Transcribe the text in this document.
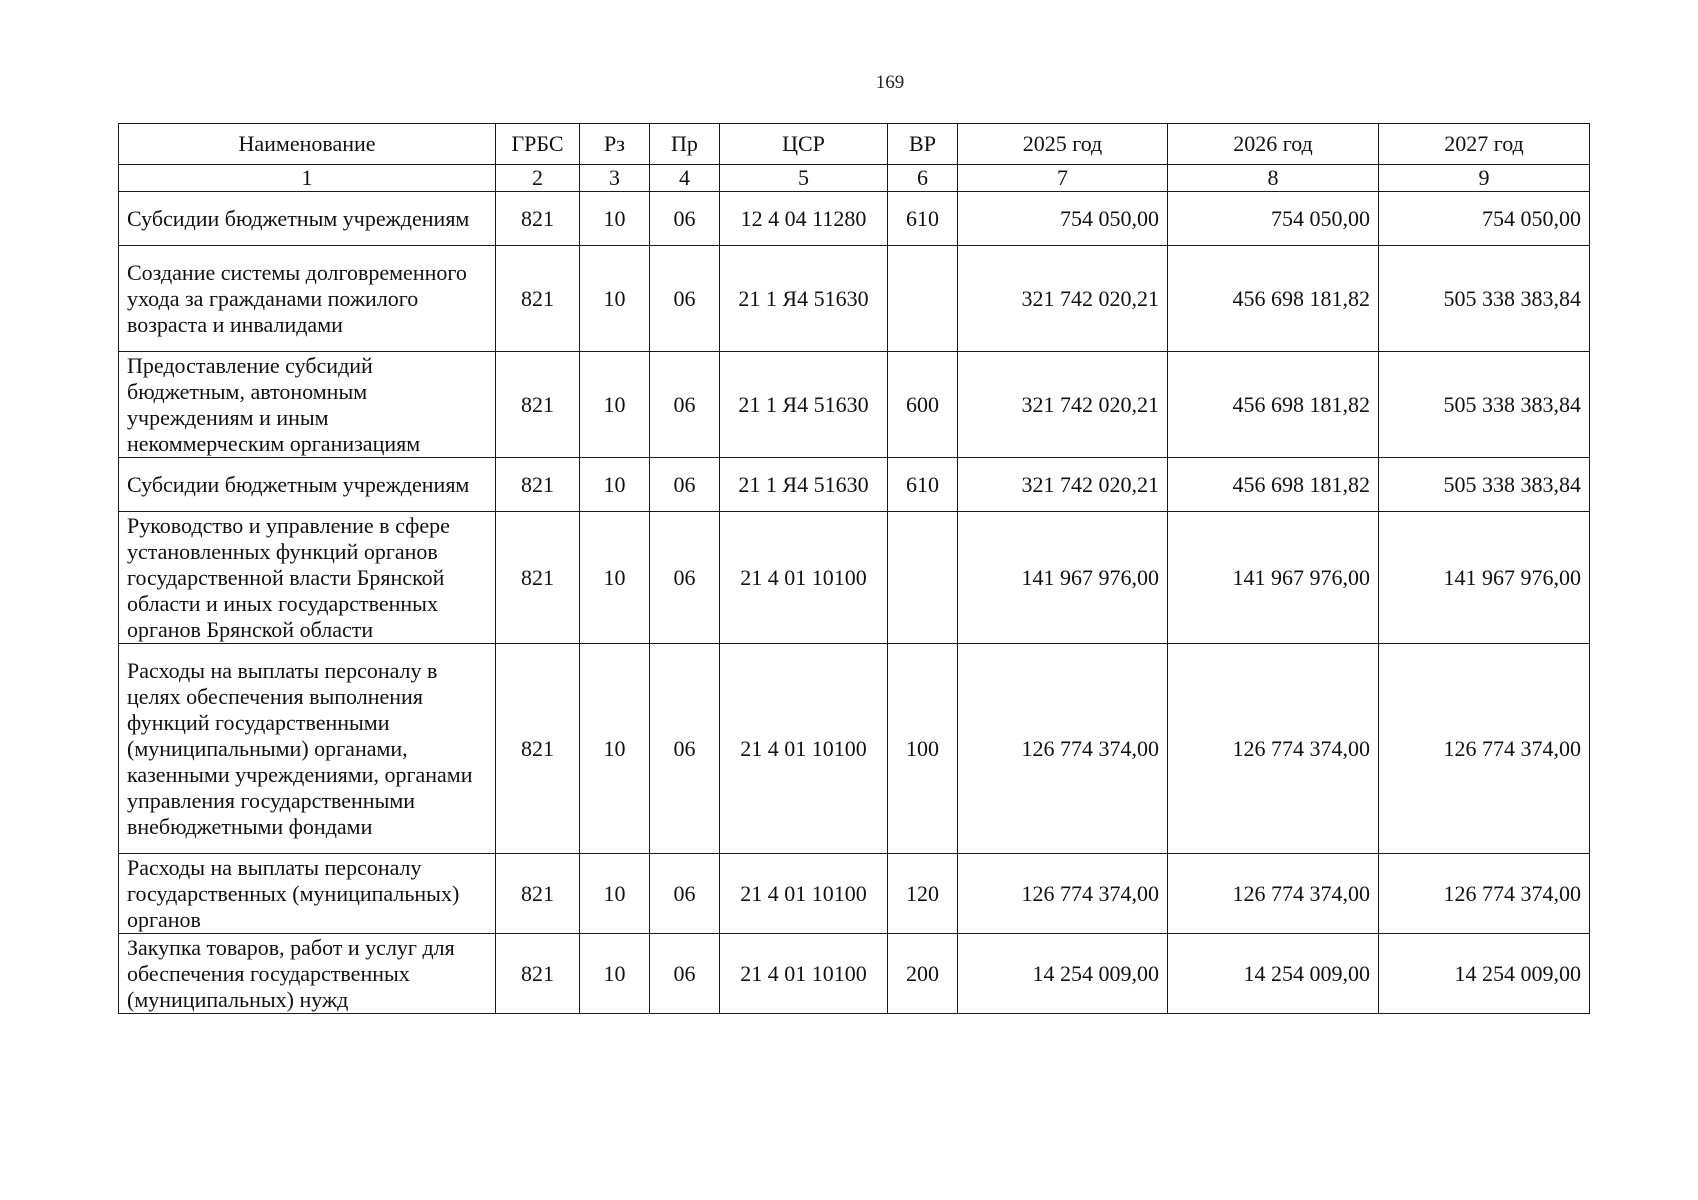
169
Наименование	ГРБС	Рз	Пр	ЦСР	ВР	2025 год	2026 год	2027 год
1	2	3	4	5	6	7	8	9
Субсидии бюджетным учреждениям	821	10	06	12 4 04 11280	610	754 050,00	754 050,00	754 050,00
Создание системы долговременного ухода за гражданами пожилого возраста и инвалидами	821	10	06	21 1 Я4 51630		321 742 020,21	456 698 181,82	505 338 383,84
Предоставление субсидий бюджетным, автономным учреждениям и иным некоммерческим организациям	821	10	06	21 1 Я4 51630	600	321 742 020,21	456 698 181,82	505 338 383,84
Субсидии бюджетным учреждениям	821	10	06	21 1 Я4 51630	610	321 742 020,21	456 698 181,82	505 338 383,84
Руководство и управление в сфере установленных функций органов государственной власти Брянской области и иных государственных органов Брянской области	821	10	06	21 4 01 10100		141 967 976,00	141 967 976,00	141 967 976,00
Расходы на выплаты персоналу в целях обеспечения выполнения функций государственными (муниципальными) органами, казенными учреждениями, органами управления государственными внебюджетными фондами	821	10	06	21 4 01 10100	100	126 774 374,00	126 774 374,00	126 774 374,00
Расходы на выплаты персоналу государственных (муниципальных) органов	821	10	06	21 4 01 10100	120	126 774 374,00	126 774 374,00	126 774 374,00
Закупка товаров, работ и услуг для обеспечения государственных (муниципальных) нужд	821	10	06	21 4 01 10100	200	14 254 009,00	14 254 009,00	14 254 009,00
